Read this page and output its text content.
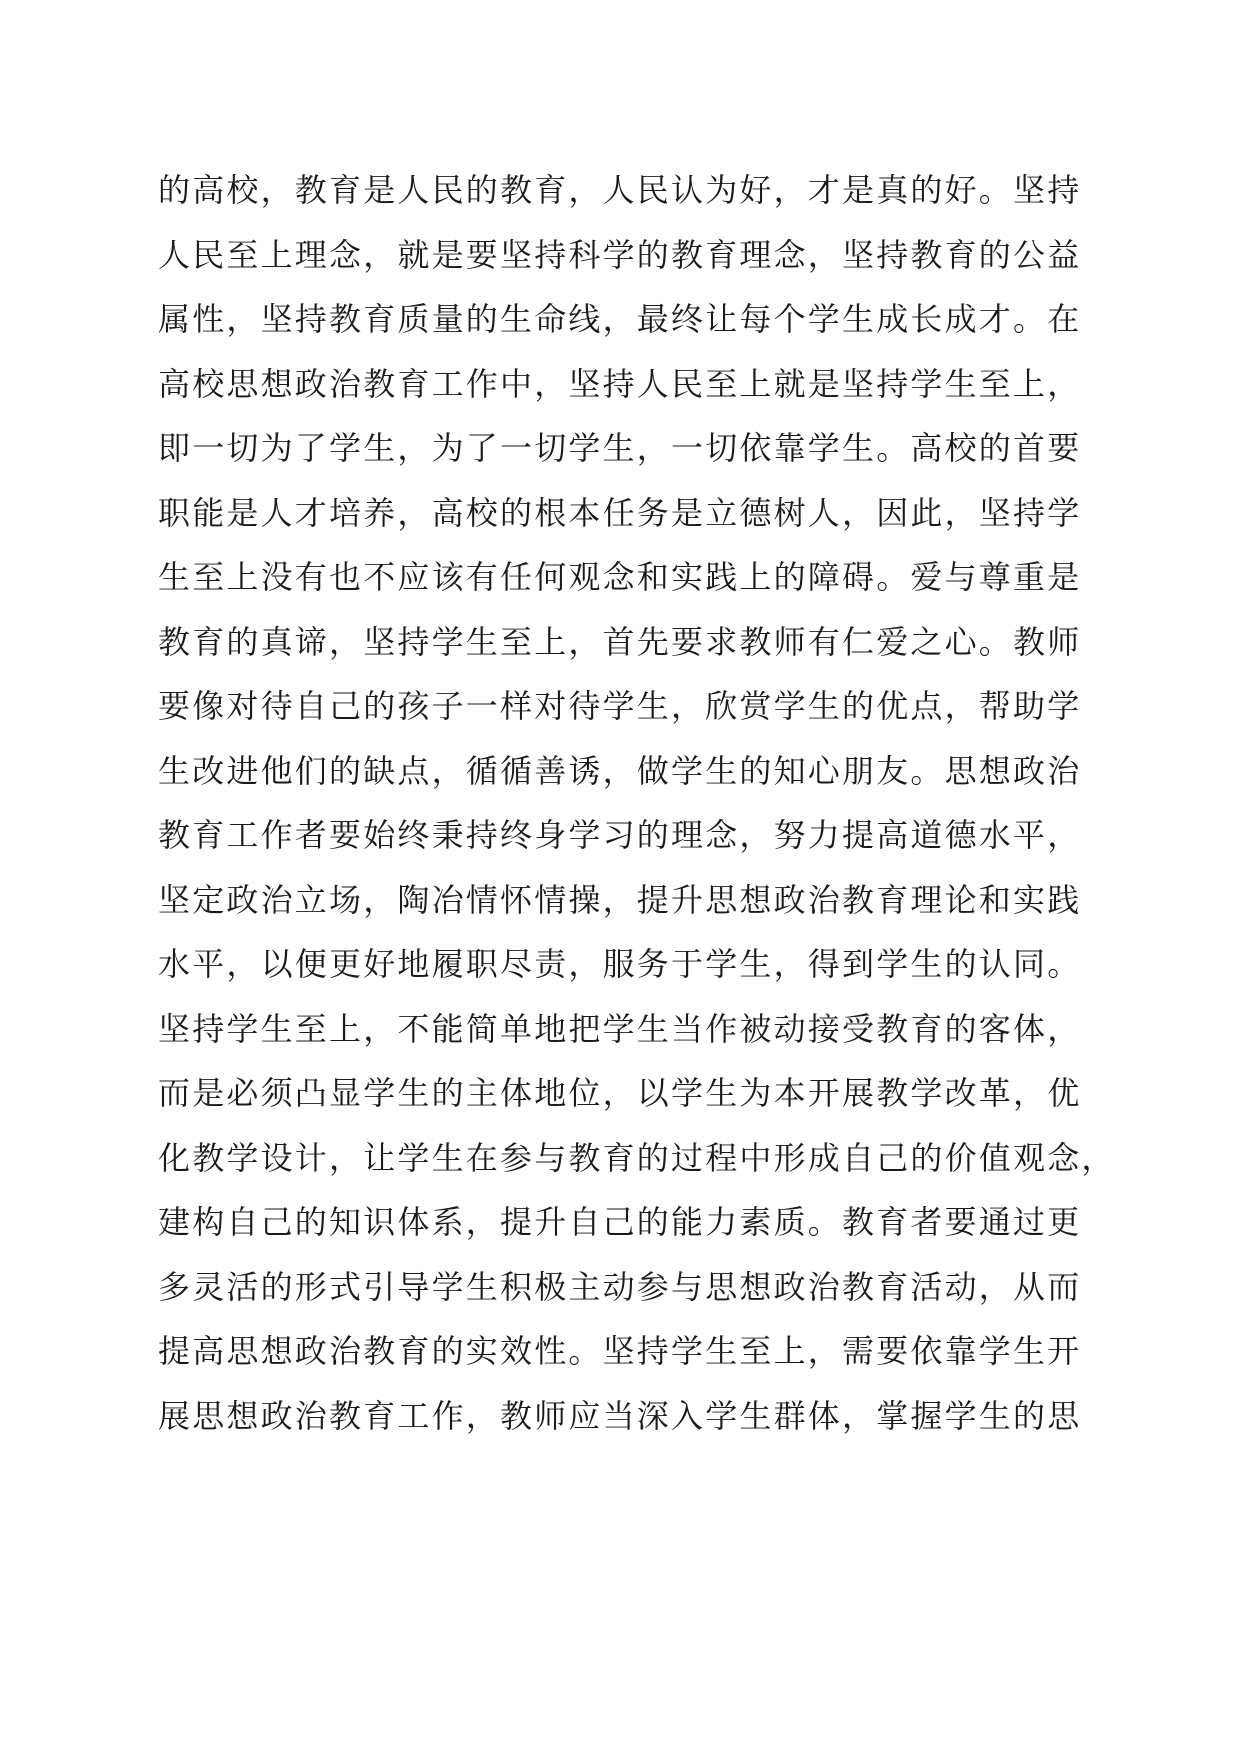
的高校，教育是人民的教育，人民认为好，才是真的好。坚持
人民至上理念，就是要坚持科学的教育理念，坚持教育的公益
属性，坚持教育质量的生命线，最终让每个学生成长成才。在
高校思想政治教育工作中，坚持人民至上就是坚持学生至上，
即一切为了学生，为了一切学生，一切依靠学生。高校的首要
职能是人才培养，高校的根本任务是立德树人，因此，坚持学
生至上没有也不应该有任何观念和实践上的障碍。爱与尊重是
教育的真谛，坚持学生至上，首先要求教师有仁爱之心。教师
要像对待自己的孩子一样对待学生，欣赏学生的优点，帮助学
生改进他们的缺点，循循善诱，做学生的知心朋友。思想政治
教育工作者要始终秉持终身学习的理念，努力提高道德水平，
坚定政治立场，陶冶情怀情操，提升思想政治教育理论和实践
水平，以便更好地履职尽责，服务于学生，得到学生的认同。
坚持学生至上，不能简单地把学生当作被动接受教育的客体，
而是必须凸显学生的主体地位，以学生为本开展教学改革，优
化教学设计，让学生在参与教育的过程中形成自己的价值观念，
建构自己的知识体系，提升自己的能力素质。教育者要通过更
多灵活的形式引导学生积极主动参与思想政治教育活动，从而
提高思想政治教育的实效性。坚持学生至上，需要依靠学生开
展思想政治教育工作，教师应当深入学生群体，掌握学生的思
